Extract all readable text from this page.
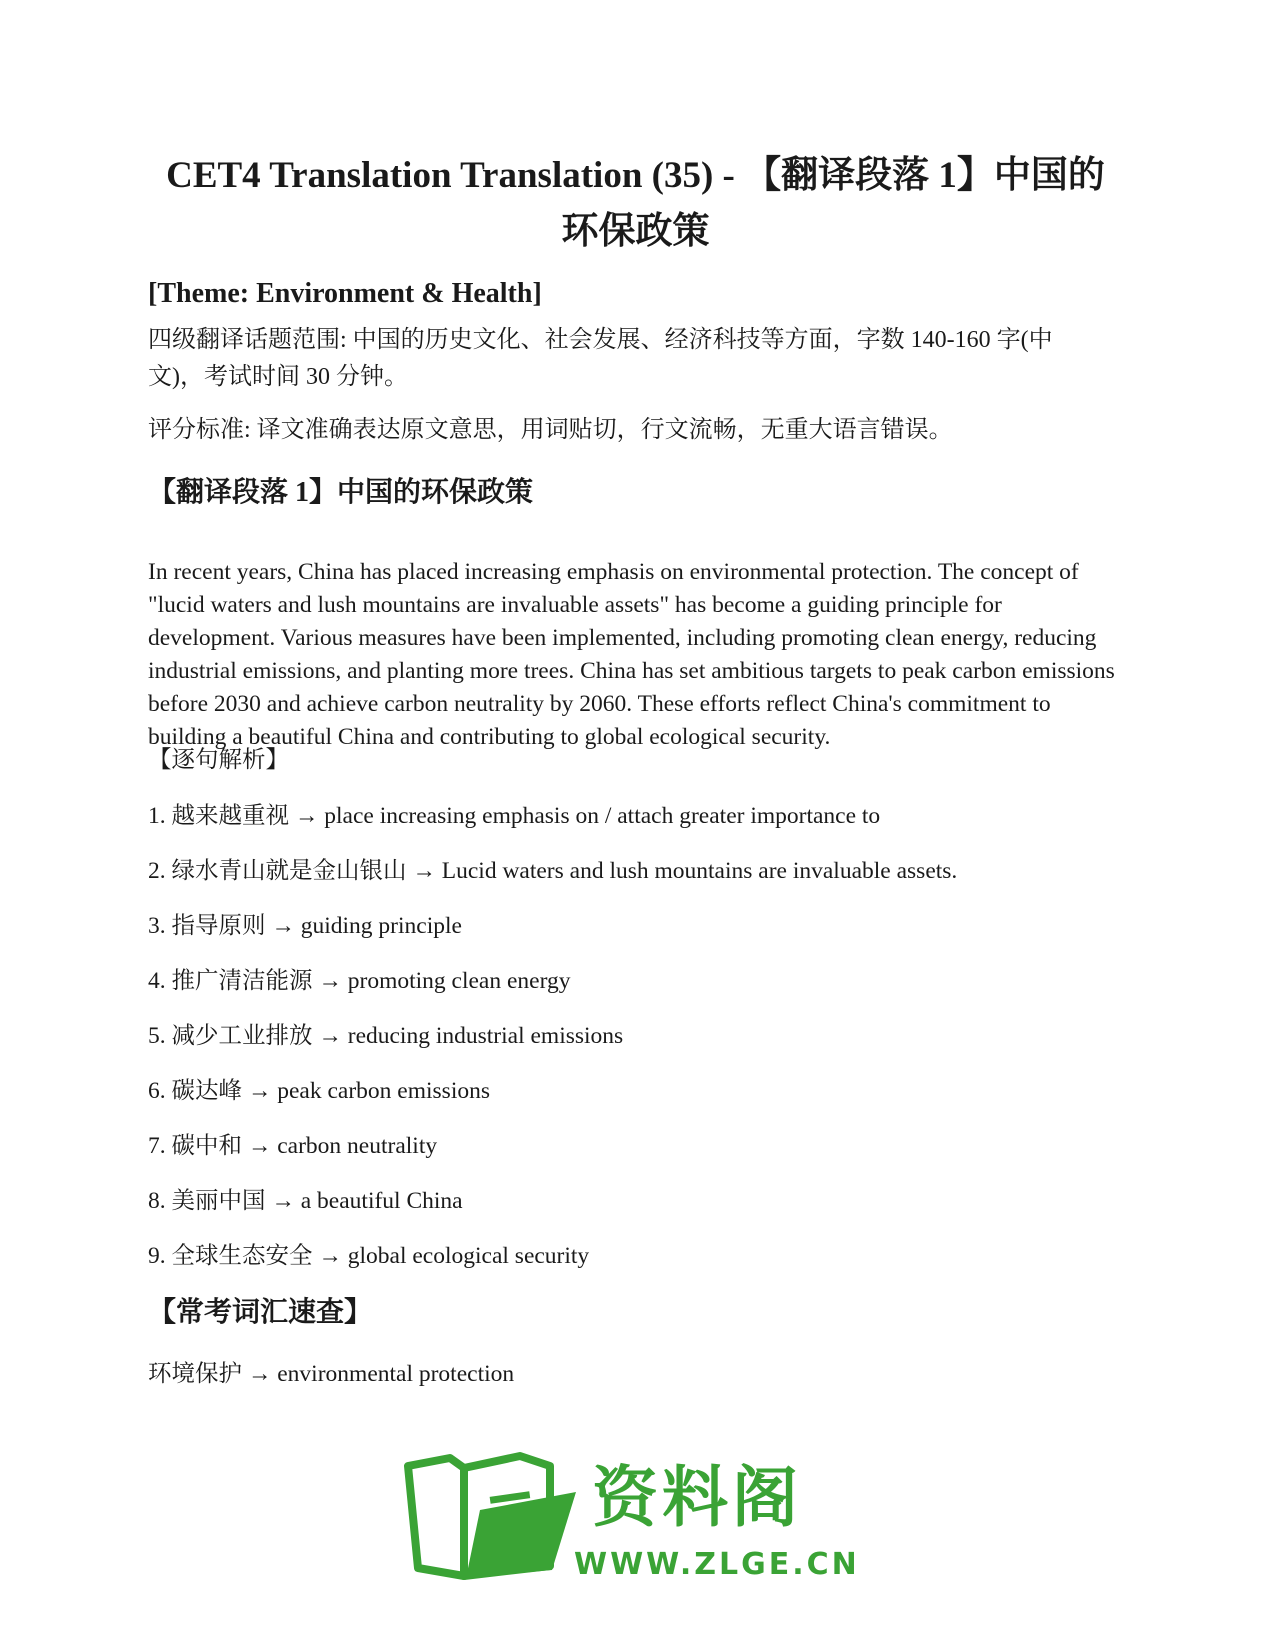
CET4 Translation Translation (35) - 【翻译段落 1】中国的
环保政策

[Theme: Environment & Health]

四级翻译话题范围: 中国的历史文化、社会发展、经济科技等方面，字数 140-160 字(中
文)，考试时间 30 分钟。

评分标准: 译文准确表达原文意思，用词贴切，行文流畅，无重大语言错误。

【翻译段落 1】中国的环保政策

In recent years, China has placed increasing emphasis on environmental protection. The concept of "lucid waters and lush mountains are invaluable assets" has become a guiding principle for development. Various measures have been implemented, including promoting clean energy, reducing industrial emissions, and planting more trees. China has set ambitious targets to peak carbon emissions before 2030 and achieve carbon neutrality by 2060. These efforts reflect China's commitment to building a beautiful China and contributing to global ecological security.

【逐句解析】

1. 越来越重视 → place increasing emphasis on / attach greater importance to

2. 绿水青山就是金山银山 → Lucid waters and lush mountains are invaluable assets.

3. 指导原则 → guiding principle

4. 推广清洁能源 → promoting clean energy

5. 减少工业排放 → reducing industrial emissions

6. 碳达峰 → peak carbon emissions

7. 碳中和 → carbon neutrality

8. 美丽中国 → a beautiful China

9. 全球生态安全 → global ecological security

【常考词汇速查】

环境保护 → environmental protection

资料阁
WWW.ZLGE.CN
